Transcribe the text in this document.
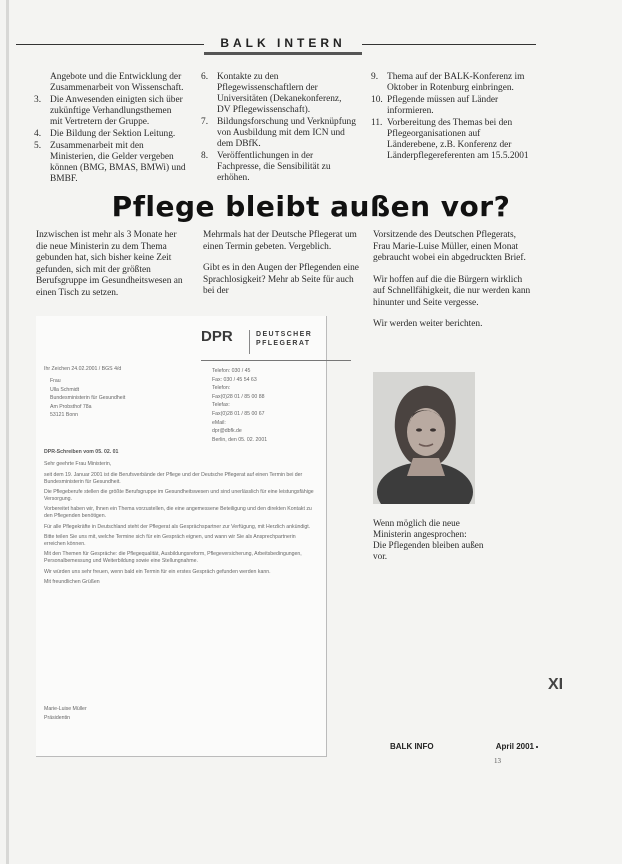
BALK INTERN
Angebote und die Entwicklung der Zusammenarbeit von Wissenschaft.
3. Die Anwesenden einigten sich über zukünftige Verhandlungsthemen mit Vertretern der Gruppe.
4. Die Bildung der Sektion Leitung.
5. Zusammenarbeit mit den Ministerien, die Gelder vergeben können (BMG, BMAS, BMWi) und BMBF.
6. Kontakte zu den Pflegewissenschaftlern der Universitäten (Dekanekonferenz, DV Pflegewissenschaft).
7. Bildungsforschung und Verknüpfung von Ausbildung mit dem ICN und dem DBfK.
8. Veröffentlichungen in der Fachpresse, die Sensibilität zu erhöhen.
9. Thema auf der BALK-Konferenz im Oktober in Rotenburg einbringen.
10. Pflegende müssen auf Länder informieren.
11. Vorbereitung des Themas bei den Pflegeorganisationen auf Länderebene, z.B. Konferenz der Länderpflegereferenten am 15.5.2001
Pflege bleibt außen vor?

Inzwischen ist mehr als 3 Monate her die neue Ministerin zu dem Thema gebunden hat, sich bisher keine Zeit gefunden, sich mit der größten Berufsgruppe im Gesundheitswesen an einen Tisch zu setzen.

Mehrmals hat der Deutsche Pflegerat um einen Termin gebeten. Vergeblich.

Gibt es in den Augen der Pflegenden eine Sprachlosigkeit? Mehr ab Seite für auch bei der

Vorsitzende des Deutschen Pflegerats, Frau Marie-Luise Müller, einen Monat gebraucht wobei ein abgedruckten Brief.

Wir hoffen auf die die Bürgern wirklich auf Schnellfähigkeit, die nur werden kann hinunter und Seite vergesse.

Wir werden weiter berichten.

DPR	DEUTSCHER
PFLEGERAT
Ihr Zeichen 24.02.2001 / BGS 4/d
Frau
Ulla Schmidt
Bundesministerin für Gesundheit
Am Probsthof 78a
53121 Bonn
Telefon: 030 / 45
Fax: 030 / 45 54 63
Telefon:
Fax(0)28 01 / 85 00 88
Telefax:
Fax(0)28 01 / 85 00 67
eMail:
dpr@dbfk.de
Berlin, den 05. 02. 2001
DPR-Schreiben vom 05. 02. 01
Sehr geehrte Frau Ministerin,
seit dem 19. Januar 2001 ist die Berufsverbände der Pflege und der Deutsche Pflegerat auf einen Termin bei der Bundesministerin für Gesundheit.
Die Pflegeberufe stellen die größte Berufsgruppe im Gesundheitswesen und sind unerlässlich für eine leistungsfähige Versorgung.
Vorbereitet haben wir, Ihnen ein Thema vorzustellen, die eine angemessene Beteiligung und den direkten Kontakt zu den Pflegenden benötigen.
Für alle Pflegekräfte in Deutschland steht der Pflegerat als Gesprächspartner zur Verfügung, mit Herzlich ankündigt.
Bitte teilen Sie uns mit, welche Termine sich für ein Gespräch eignen, und wann wir Sie als Ansprechpartnerin erreichen können.
Mit den Themen für Gespräche: die Pflegequalität, Ausbildungsreform, Pflegeversicherung, Arbeitsbedingungen, Personalbemessung und Weiterbildung sowie eine Stellungnahme.
Wir würden uns sehr freuen, wenn bald ein Termin für ein erstes Gespräch gefunden werden kann.
Mit freundlichen Grüßen
Marie-Luise Müller
Präsidentin
Wenn möglich die neue Ministerin angesprochen:
Die Pflegenden bleiben außen vor.
XI
BALK INFO	April 2001
13
